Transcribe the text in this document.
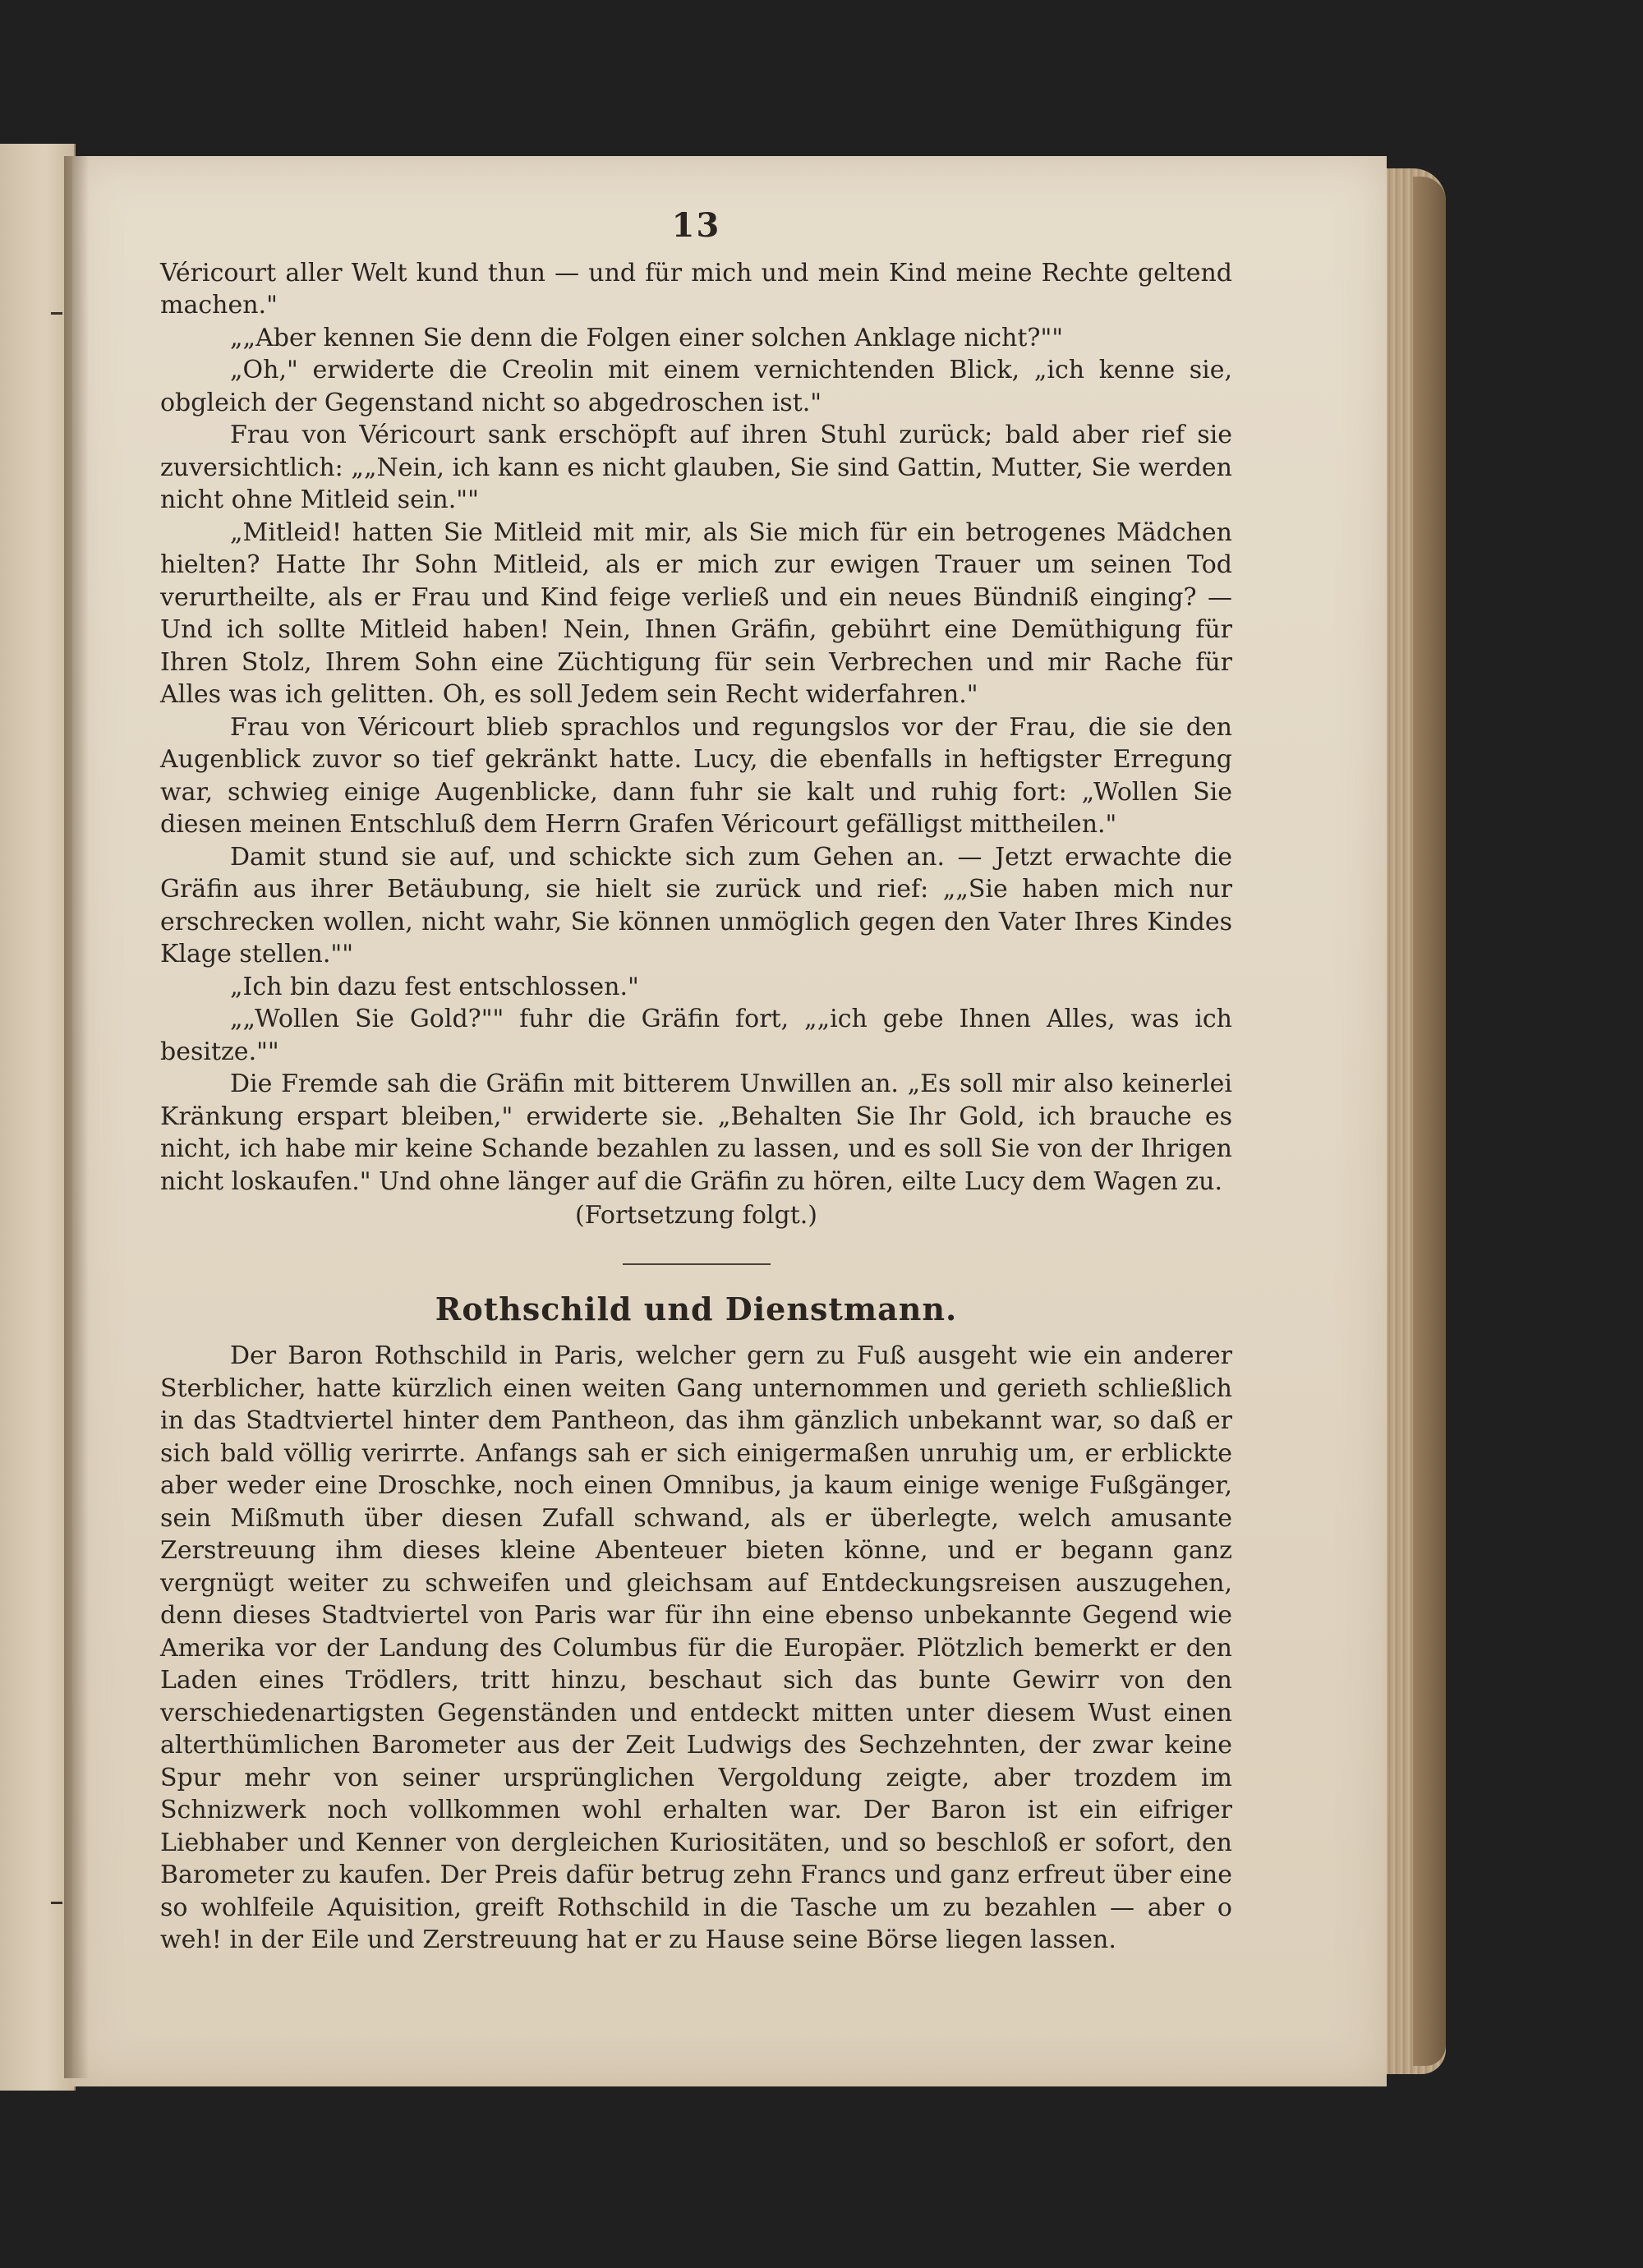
13

Véricourt aller Welt kund thun — und für mich und mein Kind meine Rechte geltend machen."

„„Aber kennen Sie denn die Folgen einer solchen Anklage nicht?""

„Oh," erwiderte die Creolin mit einem vernichtenden Blick, „ich kenne sie, obgleich der Gegenstand nicht so abgedroschen ist."

Frau von Véricourt sank erschöpft auf ihren Stuhl zurück; bald aber rief sie zuversichtlich: „„Nein, ich kann es nicht glauben, Sie sind Gattin, Mutter, Sie werden nicht ohne Mitleid sein.""

„Mitleid! hatten Sie Mitleid mit mir, als Sie mich für ein betrogenes Mädchen hielten? Hatte Ihr Sohn Mitleid, als er mich zur ewigen Trauer um seinen Tod verurtheilte, als er Frau und Kind feige verließ und ein neues Bündniß einging? — Und ich sollte Mitleid haben! Nein, Ihnen Gräfin, gebührt eine Demüthigung für Ihren Stolz, Ihrem Sohn eine Züchtigung für sein Verbrechen und mir Rache für Alles was ich gelitten. Oh, es soll Jedem sein Recht widerfahren."

Frau von Véricourt blieb sprachlos und regungslos vor der Frau, die sie den Augenblick zuvor so tief gekränkt hatte. Lucy, die ebenfalls in heftigster Erregung war, schwieg einige Augenblicke, dann fuhr sie kalt und ruhig fort: „Wollen Sie diesen meinen Entschluß dem Herrn Grafen Véricourt gefälligst mittheilen."

Damit stund sie auf, und schickte sich zum Gehen an. — Jetzt erwachte die Gräfin aus ihrer Betäubung, sie hielt sie zurück und rief: „„Sie haben mich nur erschrecken wollen, nicht wahr, Sie können unmöglich gegen den Vater Ihres Kindes Klage stellen.""

„Ich bin dazu fest entschlossen."

„„Wollen Sie Gold?"" fuhr die Gräfin fort, „„ich gebe Ihnen Alles, was ich besitze.""

Die Fremde sah die Gräfin mit bitterem Unwillen an. „Es soll mir also keinerlei Kränkung erspart bleiben," erwiderte sie. „Behalten Sie Ihr Gold, ich brauche es nicht, ich habe mir keine Schande bezahlen zu lassen, und es soll Sie von der Ihrigen nicht loskaufen." Und ohne länger auf die Gräfin zu hören, eilte Lucy dem Wagen zu.

(Fortsetzung folgt.)

Rothschild und Dienstmann.

Der Baron Rothschild in Paris, welcher gern zu Fuß ausgeht wie ein anderer Sterblicher, hatte kürzlich einen weiten Gang unternommen und gerieth schließlich in das Stadtviertel hinter dem Pantheon, das ihm gänzlich unbekannt war, so daß er sich bald völlig verirrte. Anfangs sah er sich einigermaßen unruhig um, er erblickte aber weder eine Droschke, noch einen Omnibus, ja kaum einige wenige Fußgänger, sein Mißmuth über diesen Zufall schwand, als er überlegte, welch amusante Zerstreuung ihm dieses kleine Abenteuer bieten könne, und er begann ganz vergnügt weiter zu schweifen und gleichsam auf Entdeckungsreisen auszugehen, denn dieses Stadtviertel von Paris war für ihn eine ebenso unbekannte Gegend wie Amerika vor der Landung des Columbus für die Europäer. Plötzlich bemerkt er den Laden eines Trödlers, tritt hinzu, beschaut sich das bunte Gewirr von den verschiedenartigsten Gegenständen und entdeckt mitten unter diesem Wust einen alterthümlichen Barometer aus der Zeit Ludwigs des Sechzehnten, der zwar keine Spur mehr von seiner ursprünglichen Vergoldung zeigte, aber trozdem im Schnizwerk noch vollkommen wohl erhalten war. Der Baron ist ein eifriger Liebhaber und Kenner von dergleichen Kuriositäten, und so beschloß er sofort, den Barometer zu kaufen. Der Preis dafür betrug zehn Francs und ganz erfreut über eine so wohlfeile Aquisition, greift Rothschild in die Tasche um zu bezahlen — aber o weh! in der Eile und Zerstreuung hat er zu Hause seine Börse liegen lassen.
